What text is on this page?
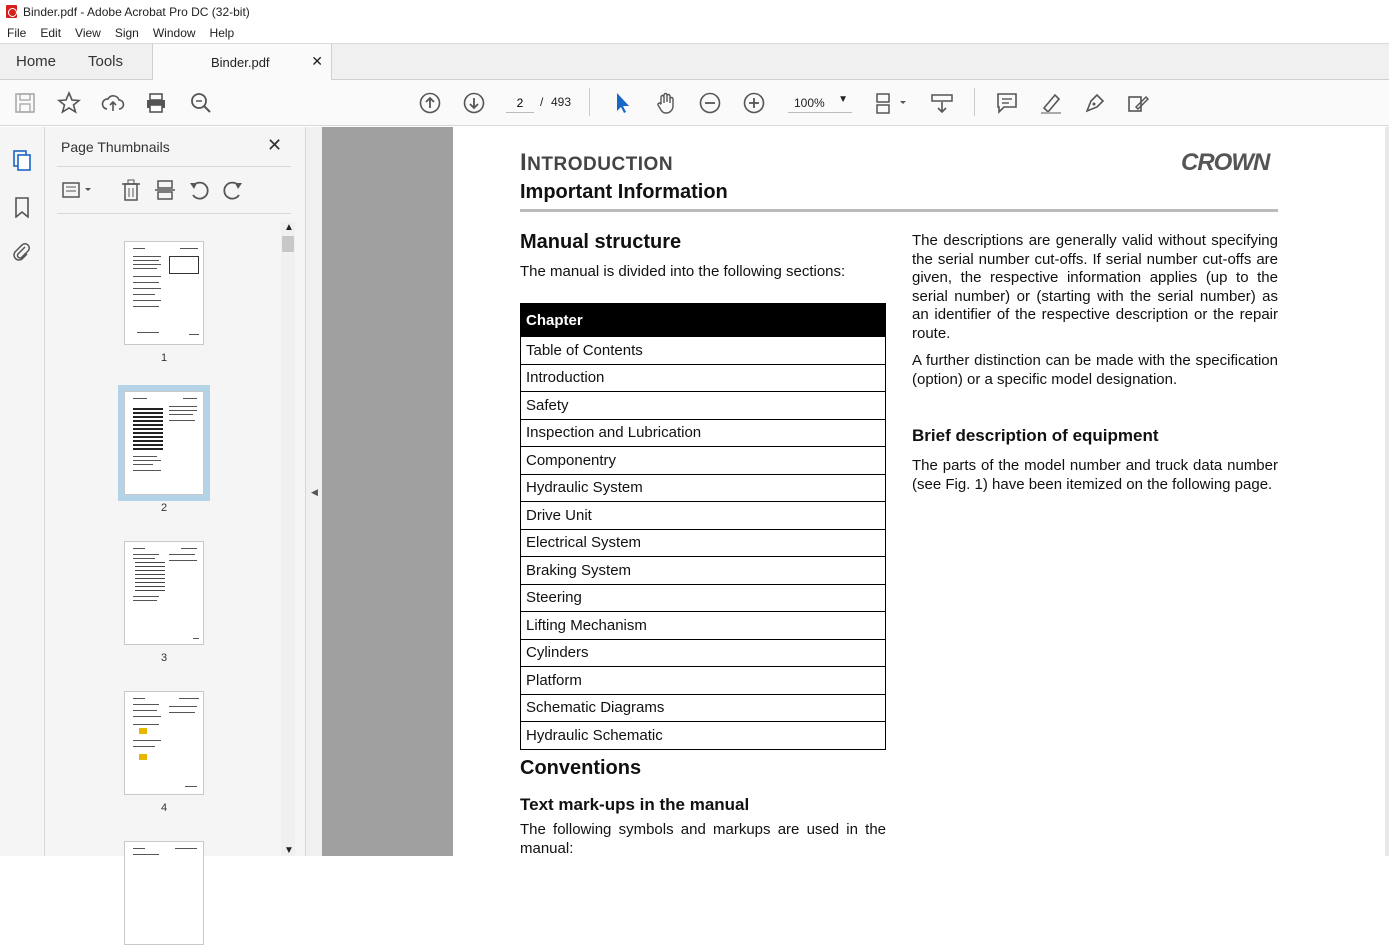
Binder.pdf - Adobe Acrobat Pro DC (32-bit)
File	Edit	View	Sign	Window	Help
Home Tools	Binder.pdf	✕
2
/ 493	100% ▼
Page Thumbnails	✕
▲
▼
1
2
3
4
◀
INTRODUCTION	CROWN
Important Information
Manual structure
The manual is divided into the following sections:
Chapter
Table of Contents
Introduction
Safety
Inspection and Lubrication
Componentry
Hydraulic System
Drive Unit
Electrical System
Braking System
Steering
Lifting Mechanism
Cylinders
Platform
Schematic Diagrams
Hydraulic Schematic
Conventions
Text mark-ups in the manual
The following symbols and markups are used in the manual:
The descriptions are generally valid without specifying the serial number cut-offs. If serial number cut-offs are given, the respective information applies (up to the serial number) or (starting with the serial number) as an identifier of the respective description or the repair route.
A further distinction can be made with the specification (option) or a specific model designation.
Brief description of equipment
The parts of the model number and truck data number (see Fig. 1) have been itemized on the following page.
